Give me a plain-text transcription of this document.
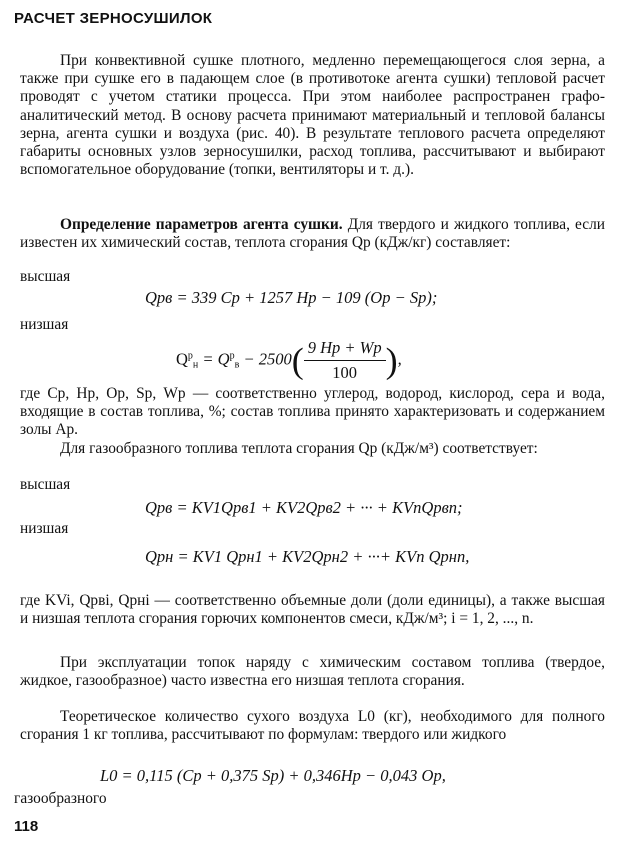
РАСЧЕТ ЗЕРНОСУШИЛОК

При конвективной сушке плотного, медленно перемещающегося слоя зерна, а также при сушке его в падающем слое (в противотоке агента сушки) тепловой расчет проводят с учетом статики процесса. При этом наиболее распространен графо-аналитический метод. В основу расчета принимают материальный и тепловой балансы зерна, агента сушки и воздуха (рис. 40). В результате теплового расчета определяют габариты основных узлов зерносушилки, расход топлива, рассчитывают и выбирают вспомогательное оборудование (топки, вентиляторы и т. д.).

Определение параметров агента сушки. Для твердого и жидкого топлива, если известен их химический состав, теплота сгорания Qр (кДж/кг) составляет:

высшая
Qрв = 339 Ср + 1257 Нр − 109 (Ор − Sр);
низшая
$Q^р_н = Q^р_в - 2500( \frac{9 Нр + Wр}{100}$ ),

где Ср, Нр, Ор, Sр, Wр — соответственно углерод, водород, кислород, сера и вода, входящие в состав топлива, %; состав топлива принято характеризовать и содержанием золы Ар.

Для газообразного топлива теплота сгорания Qр (кДж/м³) соответствует:

высшая
Qрв = KV1Qрв1 + KV2Qрв2 + ··· + KVnQрвn;
низшая
Qрн = KV1 Qрн1 + KV2Qрн2 + ···+ KVn Qрнn,

где KVi, Qрвi, Qрнi — соответственно объемные доли (доли единицы), а также высшая и низшая теплота сгорания горючих компонентов смеси, кДж/м³; i = 1, 2, ..., n.

При эксплуатации топок наряду с химическим составом топлива (твердое, жидкое, газообразное) часто известна его низшая теплота сгорания.

Теоретическое количество сухого воздуха L0 (кг), необходимого для полного сгорания 1 кг топлива, рассчитывают по формулам: твердого или жидкого

L0 = 0,115 (Ср + 0,375 Sр) + 0,346Нр − 0,043 Ор,
газообразного
118
